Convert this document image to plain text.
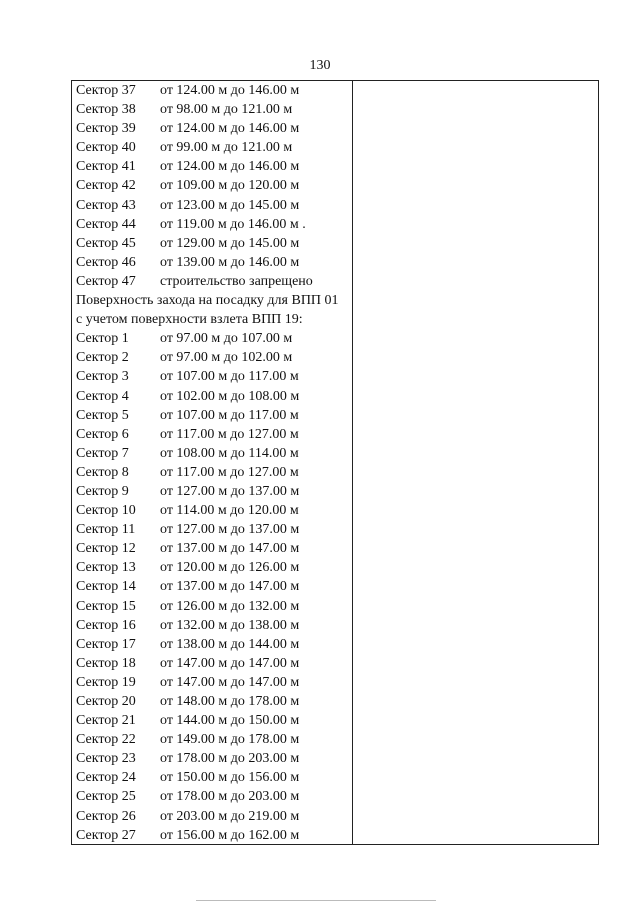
130
Сектор 37 от 124.00 м до 146.00 м
Сектор 38 от 98.00 м до 121.00 м
Сектор 39 от 124.00 м до 146.00 м
Сектор 40 от 99.00 м до 121.00 м
Сектор 41 от 124.00 м до 146.00 м
Сектор 42 от 109.00 м до 120.00 м
Сектор 43 от 123.00 м до 145.00 м
Сектор 44 от 119.00 м до 146.00 м .
Сектор 45 от 129.00 м до 145.00 м
Сектор 46 от 139.00 м до 146.00 м
Сектор 47 строительство запрещено
Поверхность захода на посадку для ВПП 01
с учетом поверхности взлета ВПП 19:
Сектор 1 от 97.00 м до 107.00 м
Сектор 2 от 97.00 м до 102.00 м
Сектор 3 от 107.00 м до 117.00 м
Сектор 4 от 102.00 м до 108.00 м
Сектор 5 от 107.00 м до 117.00 м
Сектор 6 от 117.00 м до 127.00 м
Сектор 7 от 108.00 м до 114.00 м
Сектор 8 от 117.00 м до 127.00 м
Сектор 9 от 127.00 м до 137.00 м
Сектор 10 от 114.00 м до 120.00 м
Сектор 11 от 127.00 м до 137.00 м
Сектор 12 от 137.00 м до 147.00 м
Сектор 13 от 120.00 м до 126.00 м
Сектор 14 от 137.00 м до 147.00 м
Сектор 15 от 126.00 м до 132.00 м
Сектор 16 от 132.00 м до 138.00 м
Сектор 17 от 138.00 м до 144.00 м
Сектор 18 от 147.00 м до 147.00 м
Сектор 19 от 147.00 м до 147.00 м
Сектор 20 от 148.00 м до 178.00 м
Сектор 21 от 144.00 м до 150.00 м
Сектор 22 от 149.00 м до 178.00 м
Сектор 23 от 178.00 м до 203.00 м
Сектор 24 от 150.00 м до 156.00 м
Сектор 25 от 178.00 м до 203.00 м
Сектор 26 от 203.00 м до 219.00 м
Сектор 27 от 156.00 м до 162.00 м
